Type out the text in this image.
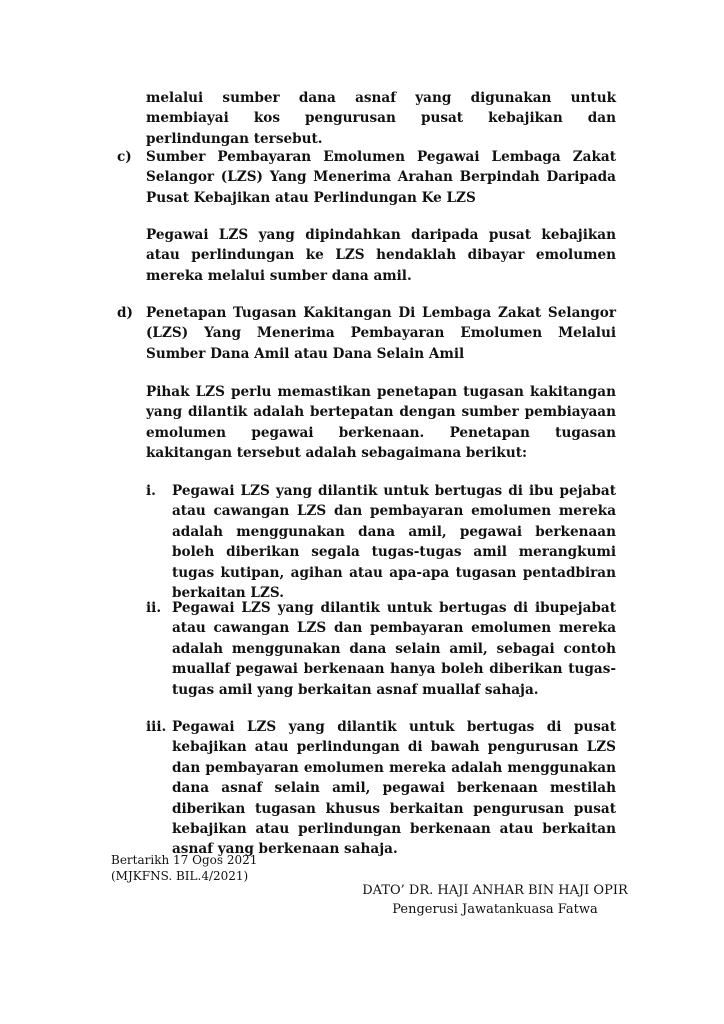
melalui sumber dana asnaf yang digunakan untuk membiayai kos pengurusan pusat kebajikan dan perlindungan tersebut.
c) Sumber Pembayaran Emolumen Pegawai Lembaga Zakat Selangor (LZS) Yang Menerima Arahan Berpindah Daripada Pusat Kebajikan atau Perlindungan Ke LZS
Pegawai LZS yang dipindahkan daripada pusat kebajikan atau perlindungan ke LZS hendaklah dibayar emolumen mereka melalui sumber dana amil.
d) Penetapan Tugasan Kakitangan Di Lembaga Zakat Selangor (LZS) Yang Menerima Pembayaran Emolumen Melalui Sumber Dana Amil atau Dana Selain Amil
Pihak LZS perlu memastikan penetapan tugasan kakitangan yang dilantik adalah bertepatan dengan sumber pembiayaan emolumen pegawai berkenaan. Penetapan tugasan kakitangan tersebut adalah sebagaimana berikut:
i. Pegawai LZS yang dilantik untuk bertugas di ibu pejabat atau cawangan LZS dan pembayaran emolumen mereka adalah menggunakan dana amil, pegawai berkenaan boleh diberikan segala tugas-tugas amil merangkumi tugas kutipan, agihan atau apa-apa tugasan pentadbiran berkaitan LZS.
ii. Pegawai LZS yang dilantik untuk bertugas di ibupejabat atau cawangan LZS dan pembayaran emolumen mereka adalah menggunakan dana selain amil, sebagai contoh muallaf pegawai berkenaan hanya boleh diberikan tugas-tugas amil yang berkaitan asnaf muallaf sahaja.
iii. Pegawai LZS yang dilantik untuk bertugas di pusat kebajikan atau perlindungan di bawah pengurusan LZS dan pembayaran emolumen mereka adalah menggunakan dana asnaf selain amil, pegawai berkenaan mestilah diberikan tugasan khusus berkaitan pengurusan pusat kebajikan atau perlindungan berkenaan atau berkaitan asnaf yang berkenaan sahaja.
Bertarikh 17 Ogos 2021
(MJKFNS. BIL.4/2021)
DATO’ DR. HAJI ANHAR BIN HAJI OPIR
Pengerusi Jawatankuasa Fatwa
